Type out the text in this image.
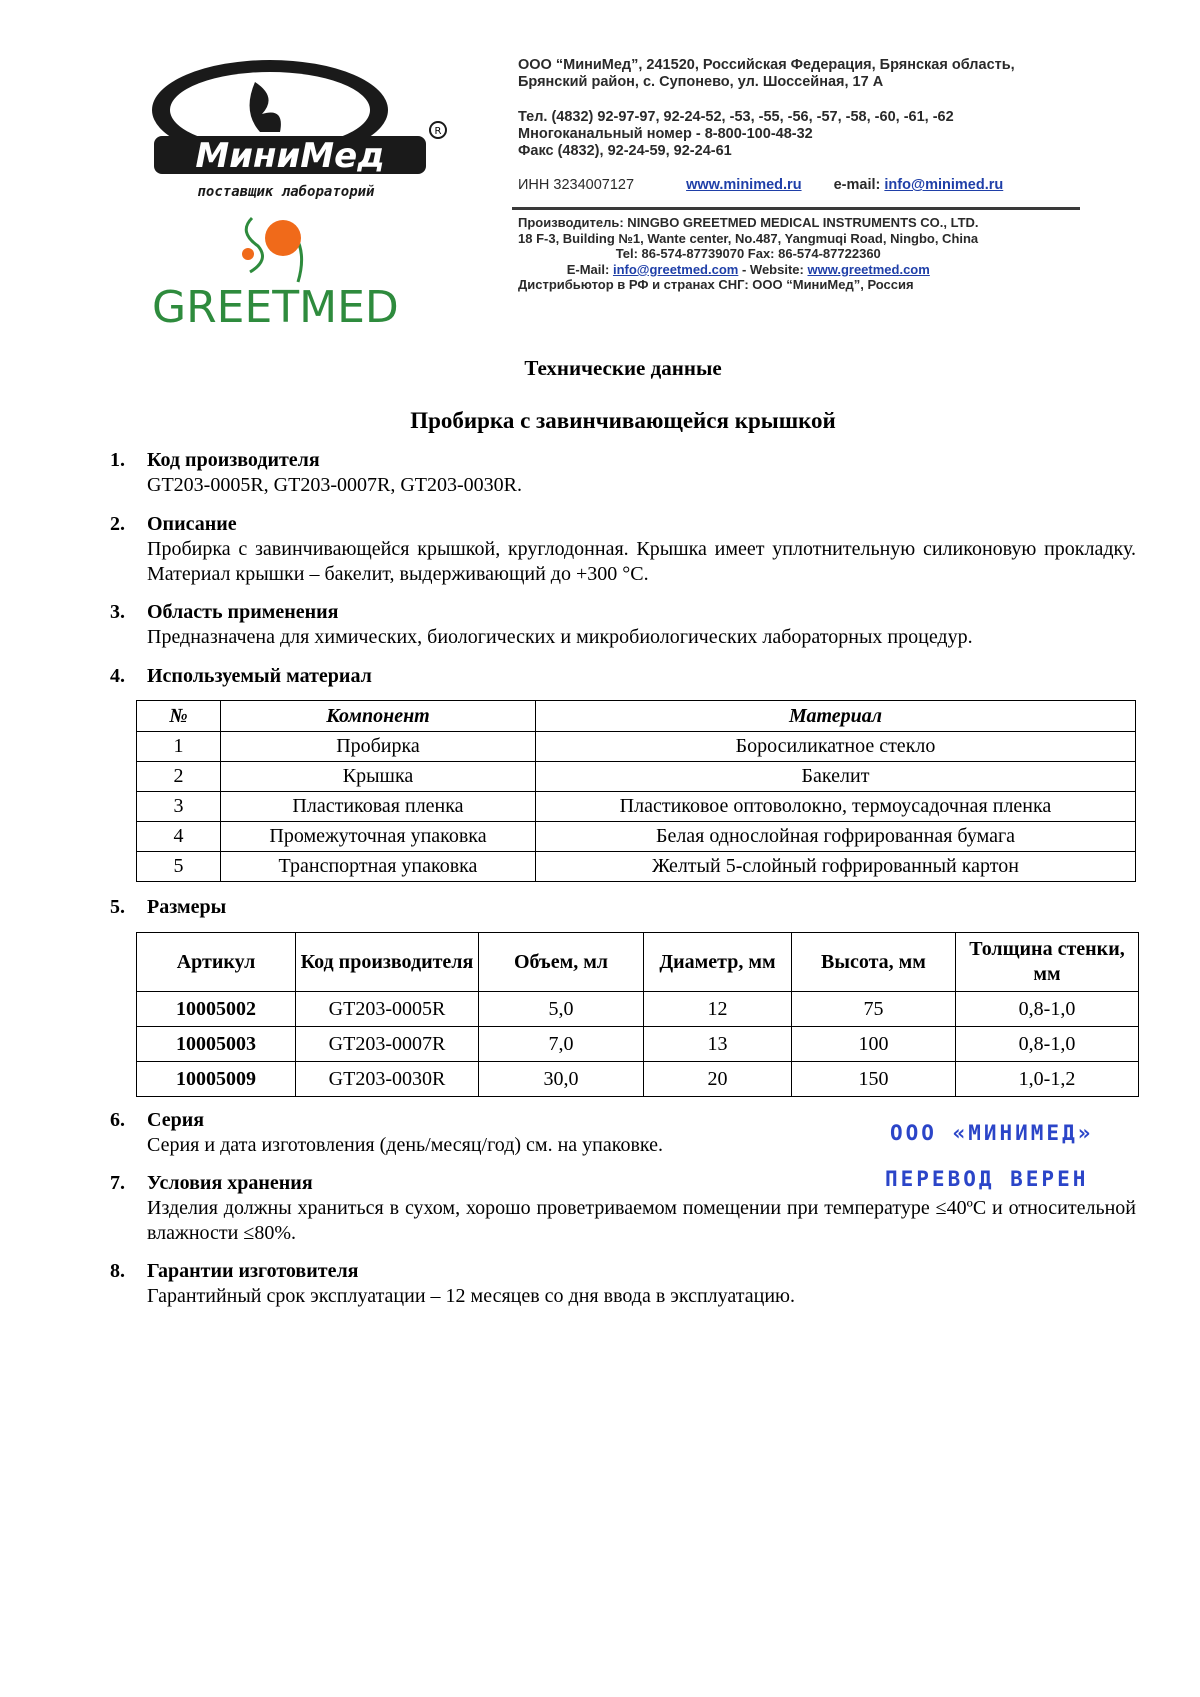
МиниМед
R
поставщик лабораторий
GREETMED
ООО “МиниМед”, 241520, Российская Федерация, Брянская область,
Брянский район, с. Супонево, ул. Шоссейная, 17 А
Тел. (4832) 92-97-97, 92-24-52, -53, -55, -56, -57, -58, -60, -61, -62
Многоканальный номер - 8-800-100-48-32
Факс (4832), 92-24-59, 92-24-61
ИНН 3234007127	www.minimed.ru e-mail: info@minimed.ru
Производитель: NINGBO GREETMED MEDICAL INSTRUMENTS CO., LTD.
18 F-3, Building №1, Wante center, No.487, Yangmuqi Road, Ningbo, China
Tel: 86-574-87739070 Fax: 86-574-87722360
E-Mail: info@greetmed.com - Website: www.greetmed.com
Дистрибьютор в РФ и странах СНГ: ООО “МиниМед”, Россия
Технические данные
Пробирка с завинчивающейся крышкой
1. Код производителя
GT203-0005R, GT203-0007R, GT203-0030R.
2. Описание
Пробирка с завинчивающейся крышкой, круглодонная. Крышка имеет уплотнительную силиконовую прокладку. Материал крышки – бакелит, выдерживающий до +300 °С.
3. Область применения
Предназначена для химических, биологических и микробиологических лабораторных процедур.
4. Используемый материал
№	Компонент	Материал
1	Пробирка	Боросиликатное стекло
2	Крышка	Бакелит
3	Пластиковая пленка	Пластиковое оптоволокно, термоусадочная пленка
4	Промежуточная упаковка	Белая однослойная гофрированная бумага
5	Транспортная упаковка	Желтый 5-слойный гофрированный картон
5. Размеры
Артикул	Код производителя	Объем, мл	Диаметр, мм	Высота, мм	Толщина стенки, мм
10005002	GT203-0005R	5,0	12	75	0,8-1,0
10005003	GT203-0007R	7,0	13	100	0,8-1,0
10005009	GT203-0030R	30,0	20	150	1,0-1,2
6. Серия
Серия и дата изготовления (день/месяц/год) см. на упаковке.
7. Условия хранения
Изделия должны храниться в сухом, хорошо проветриваемом помещении при температуре ≤40ºС и относительной влажности ≤80%.
8. Гарантии изготовителя
Гарантийный срок эксплуатации – 12 месяцев со дня ввода в эксплуатацию.
ООО «МИНИМЕД»
ПЕРЕВОД ВЕРЕН
